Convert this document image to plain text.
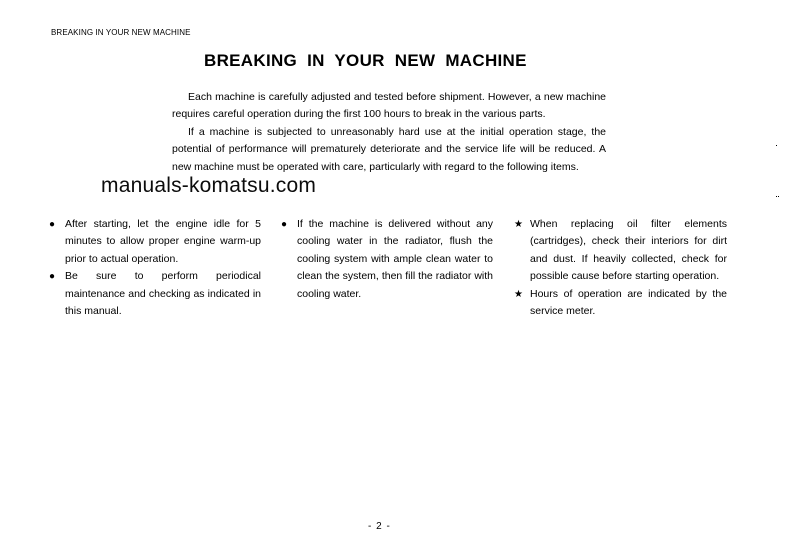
BREAKING IN YOUR NEW MACHINE
BREAKING IN YOUR NEW MACHINE

Each machine is carefully adjusted and tested before shipment. However, a new machine requires careful operation during the first 100 hours to break in the various parts.

If a machine is subjected to unreasonably hard use at the initial operation stage, the potential of performance will prematurely deteriorate and the service life will be reduced. A new machine must be operated with care, particularly with regard to the following items.

manuals-komatsu.com
● After starting, let the engine idle for 5 minutes to allow proper engine warm-up prior to actual operation.
● Be sure to perform periodical maintenance and checking as indicated in this manual.
● If the machine is delivered without any cooling water in the radiator, flush the cooling system with ample clean water to clean the system, then fill the radiator with cooling water.
★ When replacing oil filter elements (cartridges), check their interiors for dirt and dust. If heavily collected, check for possible cause before starting operation.
★ Hours of operation are indicated by the service meter.
- 2 -
